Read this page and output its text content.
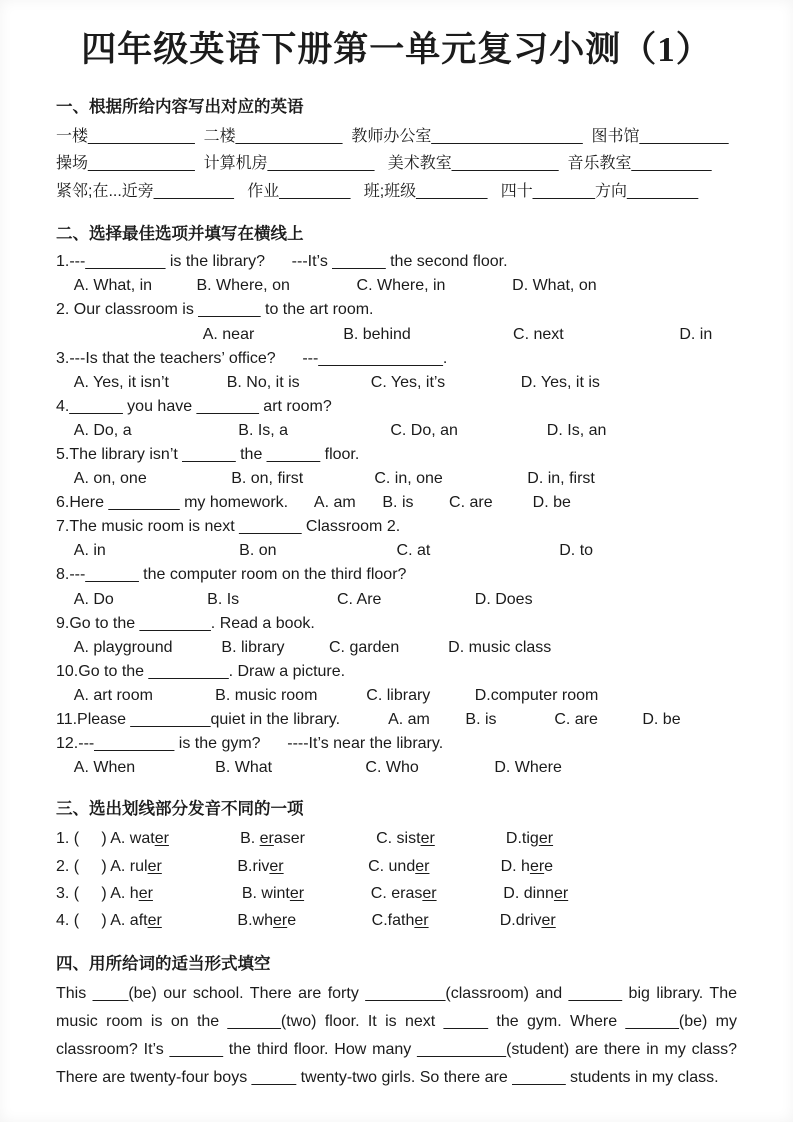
四年级英语下册第一单元复习小测（1）
一、根据所给内容写出对应的英语
一楼____________  二楼____________  教师办公室_________________  图书馆__________
操场____________  计算机房____________   美术教室____________  音乐教室_________
紧邻;在...近旁_________   作业________   班;班级________   四十_______方向________
二、选择最佳选项并填写在横线上
1.---_________ is the library?      ---It’s ______ the second floor.
A. What, in          B. Where, on               C. Where, in               D. What, on
2. Our classroom is _______ to the art room.
A. near                    B. behind                       C. next                          D. in
3.---Is that the teachers’ office?      ---______________.
A. Yes, it isn’t             B. No, it is                C. Yes, it’s                 D. Yes, it is
4.______ you have _______ art room?
A. Do, a                        B. Is, a                       C. Do, an                    D. Is, an
5.The library isn’t ______ the ______ floor.
A. on, one                   B. on, first                C. in, one                   D. in, first
6.Here ________ my homework.      A. am      B. is        C. are         D. be
7.The music room is next _______ Classroom 2.
A. in                              B. on                           C. at                             D. to
8.---______ the computer room on the third floor?
A. Do                     B. Is                      C. Are                     D. Does
9.Go to the ________. Read a book.
A. playground           B. library          C. garden           D. music class
10.Go to the _________. Draw a picture.
A. art room              B. music room           C. library          D.computer room
11.Please _________quiet in the library.           A. am        B. is             C. are          D. be
12.---_________ is the gym?      ----It’s near the library.
A. When                  B. What                     C. Who                 D. Where
三、选出划线部分发音不同的一项
1. (     ) A. water                B. eraser                C. sister                D.tiger
2. (     ) A. ruler                 B.river                   C. under                D. here
3. (     ) A. her                    B. winter               C. eraser               D. dinner
4. (     ) A. after                 B.where                 C.father                D.driver
四、用所给词的适当形式填空
This ____(be) our school. There are forty _________(classroom) and ______ big library. The music room is on the ______(two) floor. It is next _____ the gym. Where ______(be) my classroom? It’s ______ the third floor. How many __________(student) are there in my class? There are twenty-four boys _____ twenty-two girls. So there are ______ students in my class.
